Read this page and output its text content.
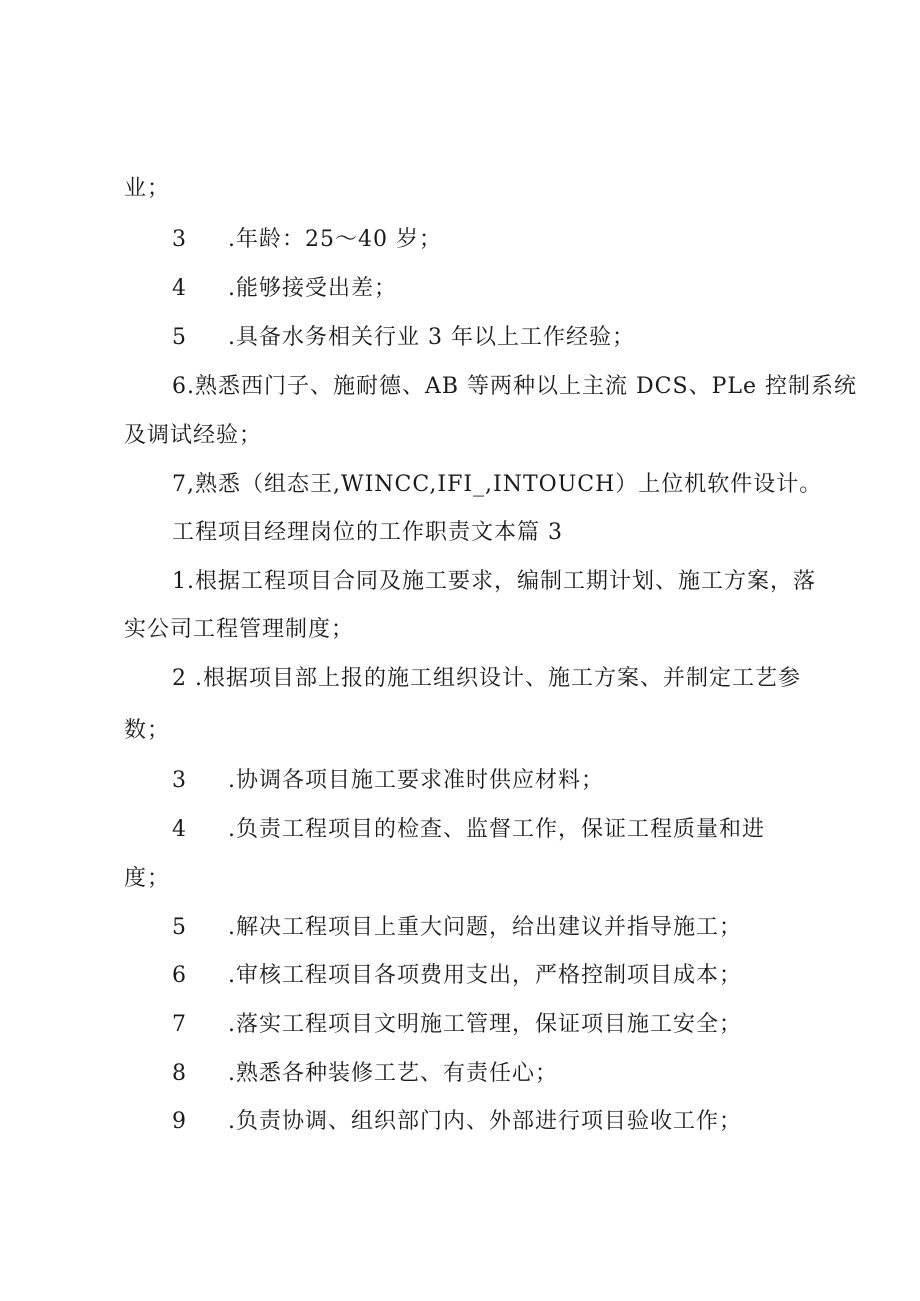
业；
3 .年龄：25～40 岁；
4 .能够接受出差；
5 .具备水务相关行业 3 年以上工作经验；
6.熟悉西门子、施耐德、AB 等两种以上主流 DCS、PLe 控制系统
及调试经验；
7,熟悉（组态王,WINCC,IFI_,INTOUCH）上位机软件设计。
工程项目经理岗位的工作职责文本篇 3
1.根据工程项目合同及施工要求，编制工期计划、施工方案，落
实公司工程管理制度；
2 .根据项目部上报的施工组织设计、施工方案、并制定工艺参
数；
3 .协调各项目施工要求准时供应材料；
4 .负责工程项目的检查、监督工作，保证工程质量和进
度；
5 .解决工程项目上重大问题，给出建议并指导施工；
6 .审核工程项目各项费用支出，严格控制项目成本；
7 .落实工程项目文明施工管理，保证项目施工安全；
8 .熟悉各种装修工艺、有责任心；
9 .负责协调、组织部门内、外部进行项目验收工作；
